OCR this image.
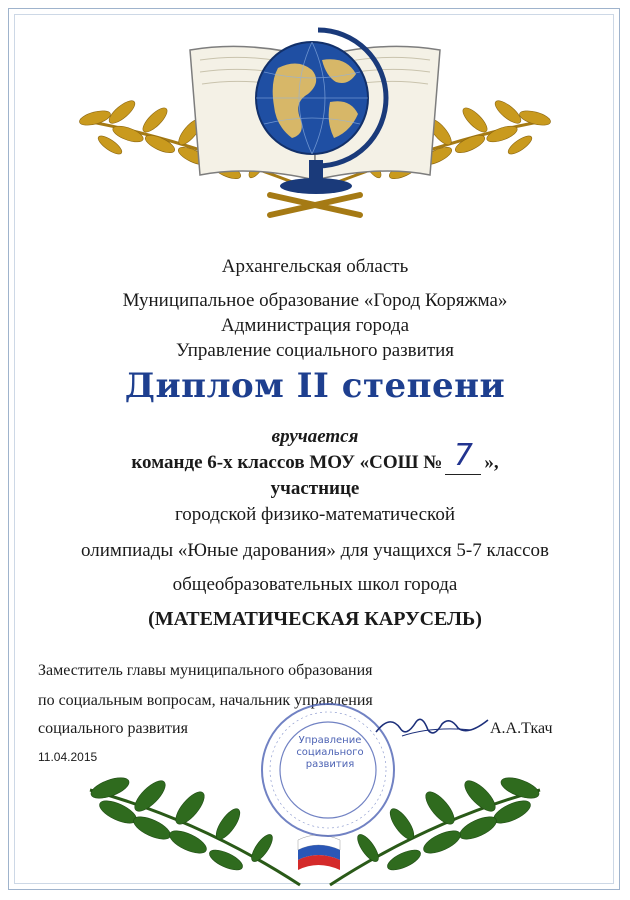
Архангельская область
Муниципальное образование «Город Коряжма»
Администрация города
Управление социального развития
Диплом II степени
вручается
команде 6-х классов МОУ «СОШ № 7 »,
участнице
городской физико-математической
олимпиады «Юные дарования» для учащихся 5-7 классов
общеобразовательных школ города
(МАТЕМАТИЧЕСКАЯ КАРУСЕЛЬ)
Заместитель главы муниципального образования
по социальным вопросам, начальник управления
социального развития	А.А.Ткач
11.04.2015
Управление
социального
развития
